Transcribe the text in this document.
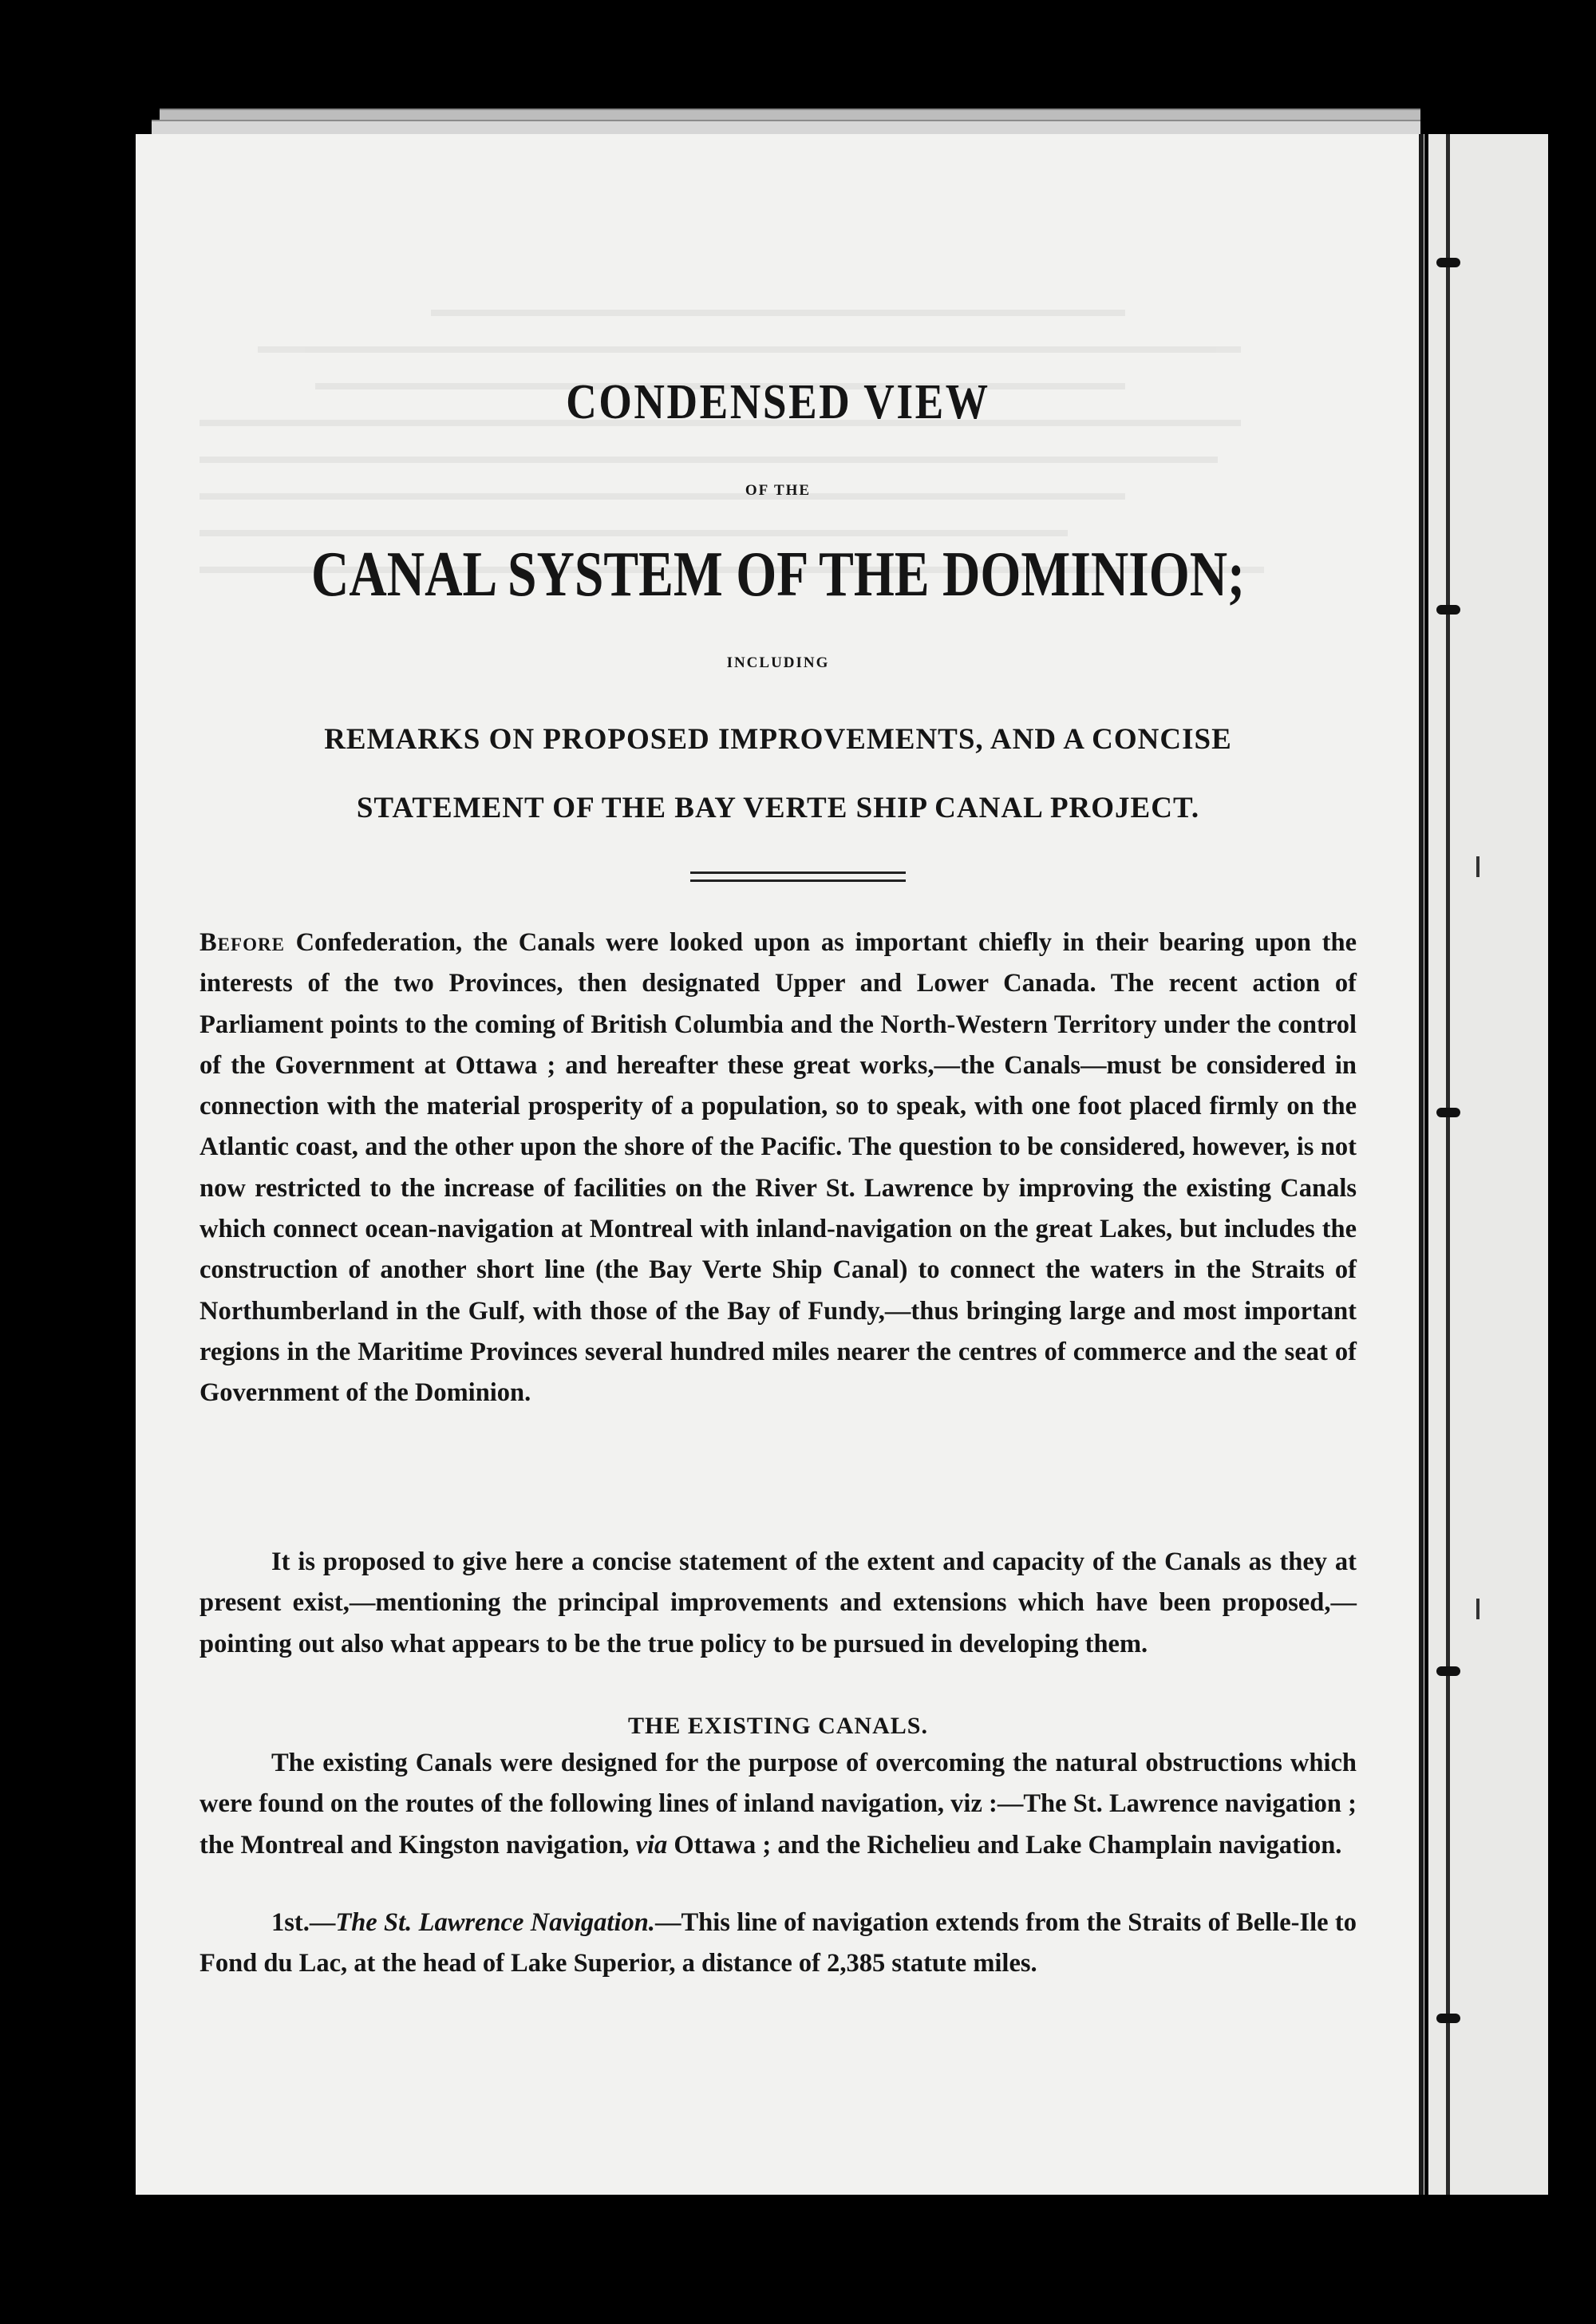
CONDENSED VIEW
OF THE
CANAL SYSTEM OF THE DOMINION;
INCLUDING
REMARKS ON PROPOSED IMPROVEMENTS, AND A CONCISE
STATEMENT OF THE BAY VERTE SHIP CANAL PROJECT.

Before Confederation, the Canals were looked upon as important chiefly in their bearing upon the interests of the two Provinces, then designated Upper and Lower Canada. The recent action of Parliament points to the coming of British Columbia and the North-Western Territory under the control of the Government at Ottawa ; and hereafter these great works,—the Canals—must be considered in connection with the material prosperity of a population, so to speak, with one foot placed firmly on the Atlantic coast, and the other upon the shore of the Pacific. The question to be considered, however, is not now restricted to the increase of facilities on the River St. Lawrence by improving the existing Canals which connect ocean-navigation at Montreal with inland-navigation on the great Lakes, but includes the construction of another short line (the Bay Verte Ship Canal) to connect the waters in the Straits of Northumberland in the Gulf, with those of the Bay of Fundy,—thus bringing large and most important regions in the Maritime Provinces several hundred miles nearer the centres of commerce and the seat of Government of the Dominion.

It is proposed to give here a concise statement of the extent and capacity of the Canals as they at present exist,—mentioning the principal improvements and extensions which have been proposed,—pointing out also what appears to be the true policy to be pursued in developing them.

THE EXISTING CANALS.

The existing Canals were designed for the purpose of overcoming the natural obstructions which were found on the routes of the following lines of inland navigation, viz :—The St. Lawrence navigation ; the Montreal and Kingston navigation, via Ottawa ; and the Richelieu and Lake Champlain navigation.

1st.—The St. Lawrence Navigation.—This line of navigation extends from the Straits of Belle-Ile to Fond du Lac, at the head of Lake Superior, a distance of 2,385 statute miles.
